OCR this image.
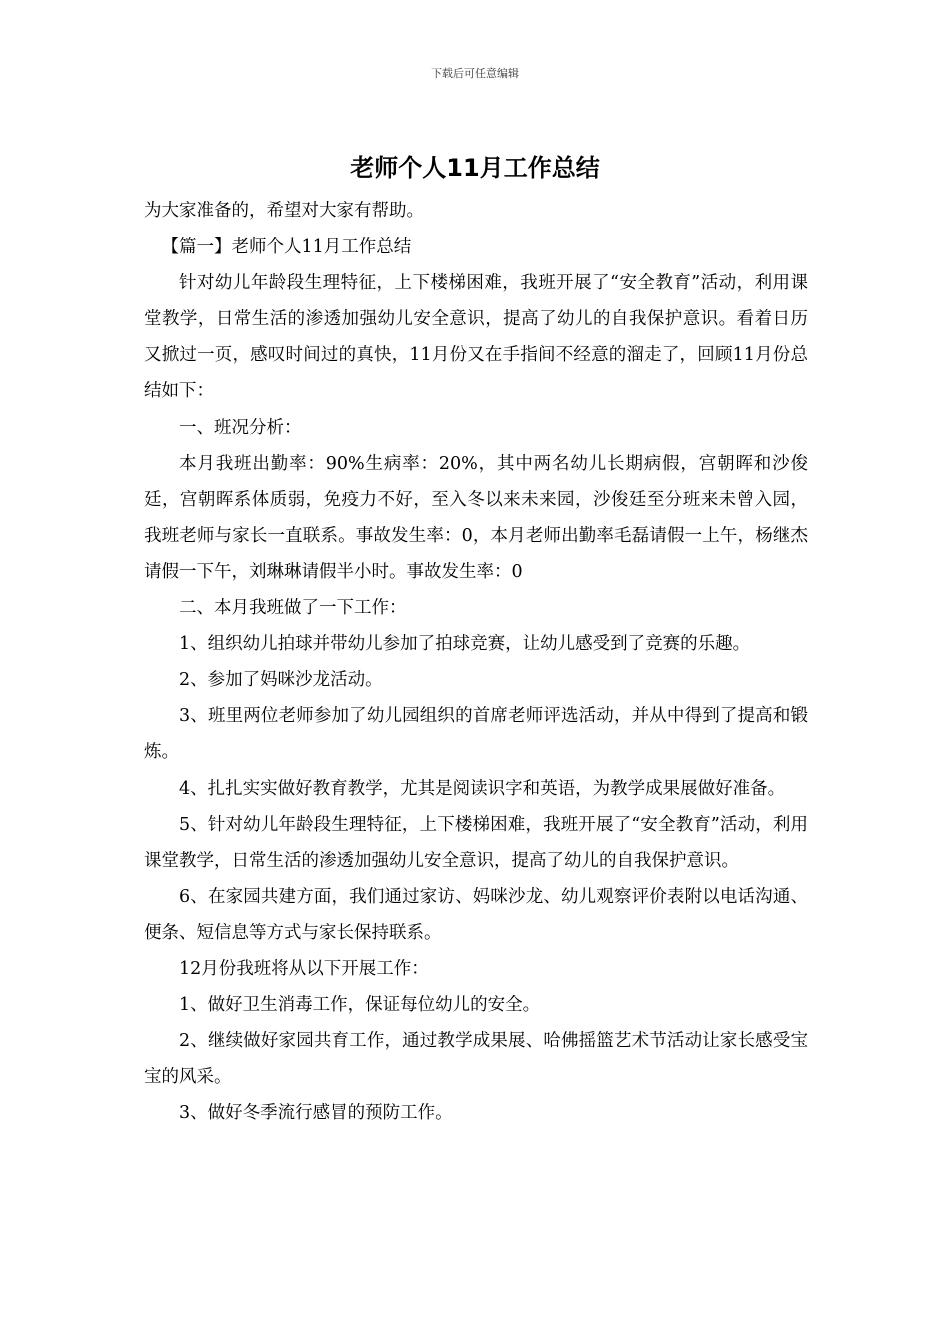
下载后可任意编辑
老师个人11月工作总结

为大家准备的，希望对大家有帮助。

【篇一】老师个人11月工作总结

针对幼儿年龄段生理特征，上下楼梯困难，我班开展了“安全教育”活动，利用课堂教学，日常生活的渗透加强幼儿安全意识，提高了幼儿的自我保护意识。看着日历又掀过一页，感叹时间过的真快，11月份又在手指间不经意的溜走了，回顾11月份总结如下：

一、班况分析：

本月我班出勤率：90%生病率：20%，其中两名幼儿长期病假，宫朝晖和沙俊廷，宫朝晖系体质弱，免疫力不好，至入冬以来未来园，沙俊廷至分班来未曾入园，我班老师与家长一直联系。事故发生率：0，本月老师出勤率毛磊请假一上午，杨继杰请假一下午，刘琳琳请假半小时。事故发生率：0

二、本月我班做了一下工作：

1、组织幼儿拍球并带幼儿参加了拍球竞赛，让幼儿感受到了竞赛的乐趣。

2、参加了妈咪沙龙活动。

3、班里两位老师参加了幼儿园组织的首席老师评选活动，并从中得到了提高和锻炼。

4、扎扎实实做好教育教学，尤其是阅读识字和英语，为教学成果展做好准备。

5、针对幼儿年龄段生理特征，上下楼梯困难，我班开展了“安全教育”活动，利用课堂教学，日常生活的渗透加强幼儿安全意识，提高了幼儿的自我保护意识。

6、在家园共建方面，我们通过家访、妈咪沙龙、幼儿观察评价表附以电话沟通、便条、短信息等方式与家长保持联系。

12月份我班将从以下开展工作：

1、做好卫生消毒工作，保证每位幼儿的安全。

2、继续做好家园共育工作，通过教学成果展、哈佛摇篮艺术节活动让家长感受宝宝的风采。

3、做好冬季流行感冒的预防工作。
